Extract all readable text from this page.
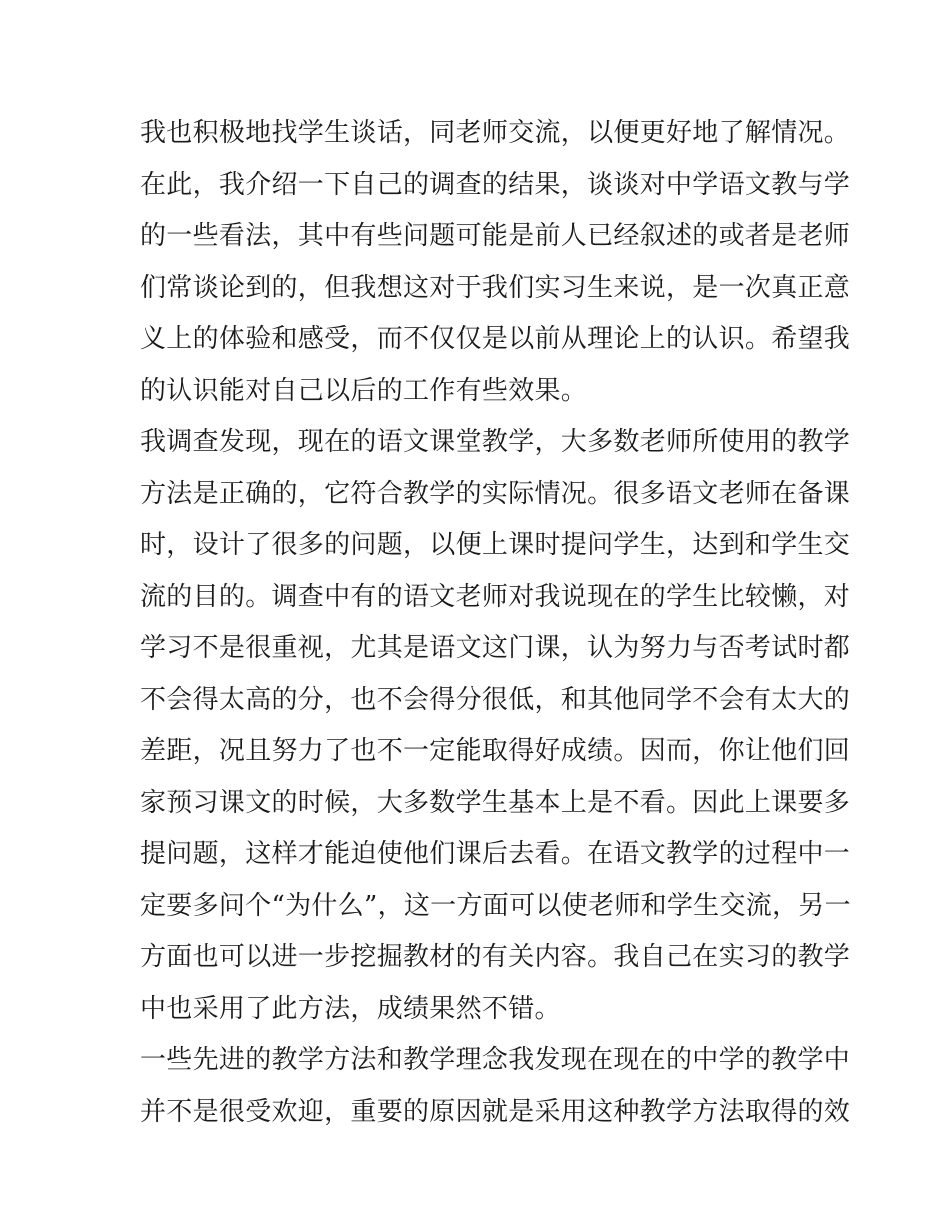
我也积极地找学生谈话，同老师交流，以便更好地了解情况。
在此，我介绍一下自己的调查的结果，谈谈对中学语文教与学
的一些看法，其中有些问题可能是前人已经叙述的或者是老师
们常谈论到的，但我想这对于我们实习生来说，是一次真正意
义上的体验和感受，而不仅仅是以前从理论上的认识。希望我
的认识能对自己以后的工作有些效果。
我调查发现，现在的语文课堂教学，大多数老师所使用的教学
方法是正确的，它符合教学的实际情况。很多语文老师在备课
时，设计了很多的问题，以便上课时提问学生，达到和学生交
流的目的。调查中有的语文老师对我说现在的学生比较懒，对
学习不是很重视，尤其是语文这门课，认为努力与否考试时都
不会得太高的分，也不会得分很低，和其他同学不会有太大的
差距，况且努力了也不一定能取得好成绩。因而，你让他们回
家预习课文的时候，大多数学生基本上是不看。因此上课要多
提问题，这样才能迫使他们课后去看。在语文教学的过程中一
定要多问个“为什么”，这一方面可以使老师和学生交流，另一
方面也可以进一步挖掘教材的有关内容。我自己在实习的教学
中也采用了此方法，成绩果然不错。
一些先进的教学方法和教学理念我发现在现在的中学的教学中
并不是很受欢迎，重要的原因就是采用这种教学方法取得的效
